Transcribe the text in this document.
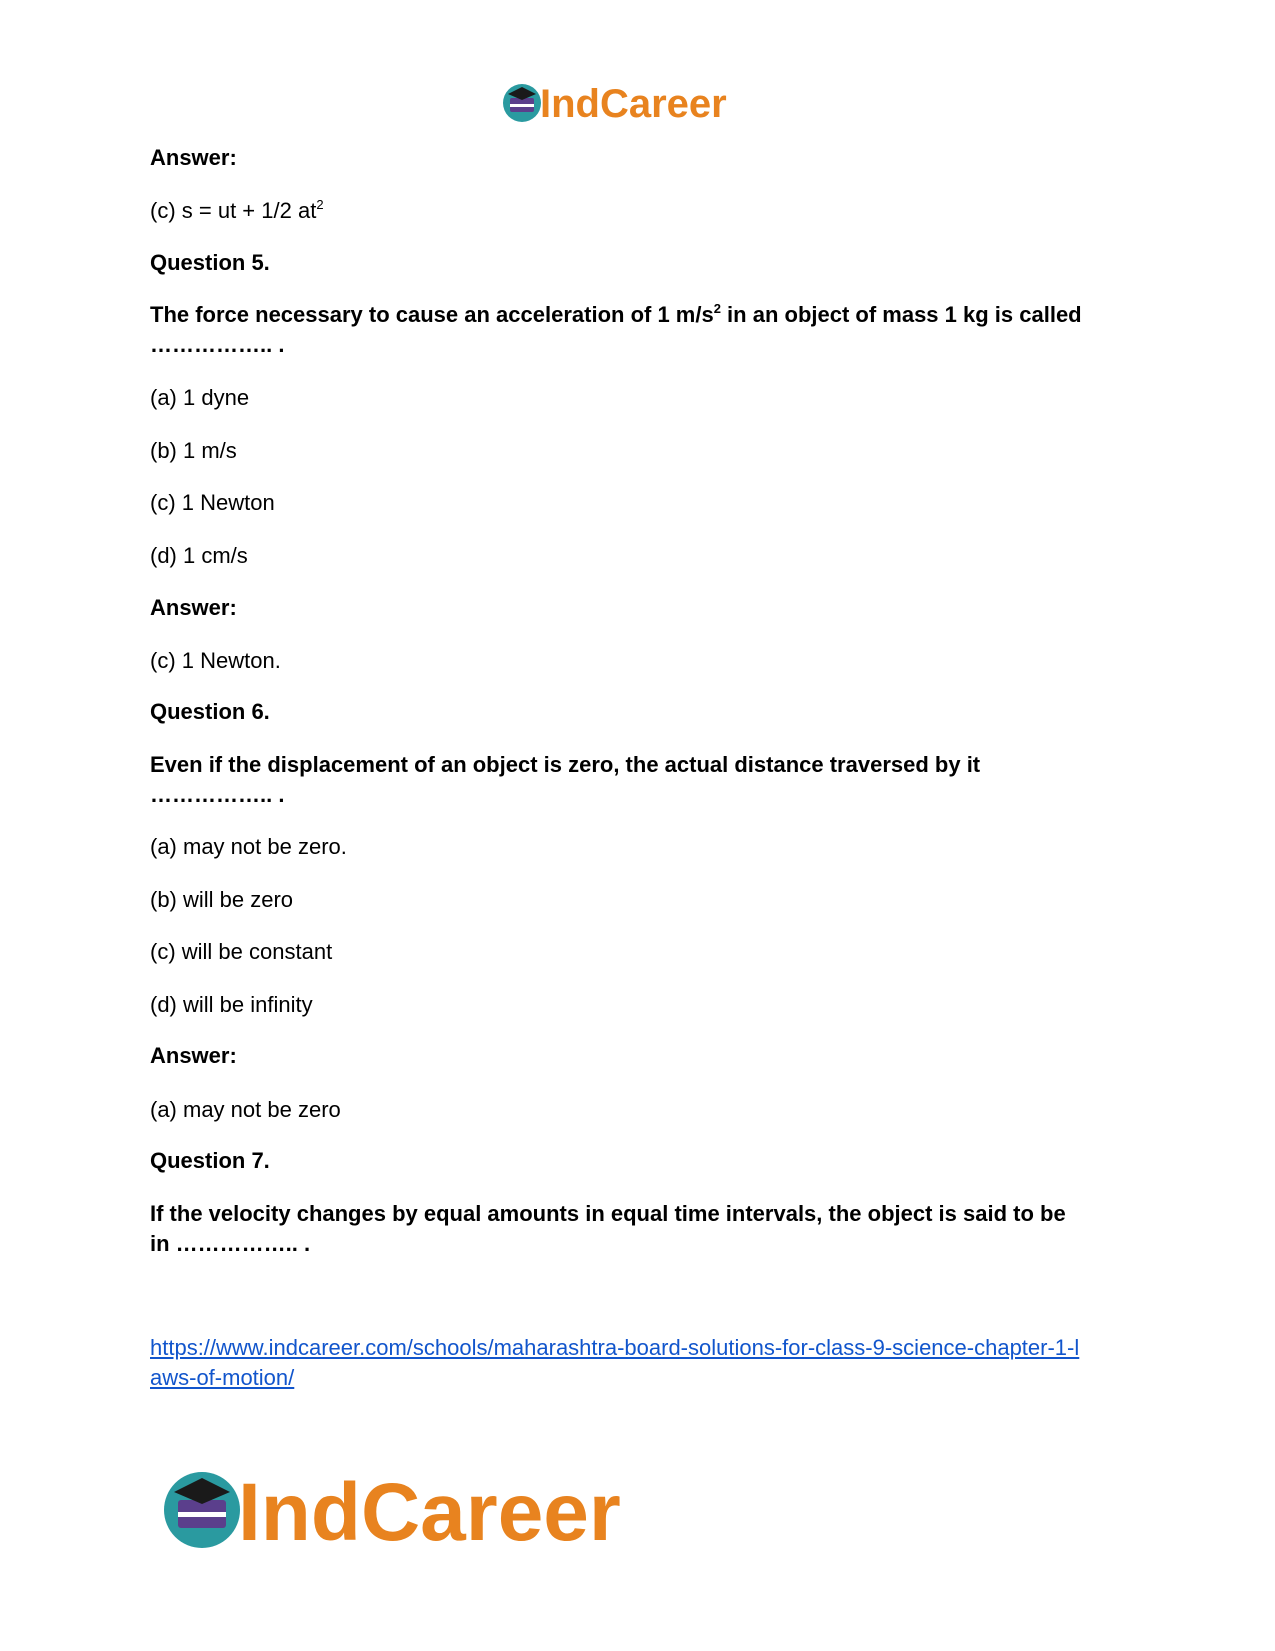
IndCareer

Answer:

(c) s = ut + 1/2 $at^2$

Question 5.

The force necessary to cause an acceleration of 1 $m/s^2$ in an object of mass 1 kg is called
…………….. .

(a) 1 dyne

(b) 1 m/s

(c) 1 Newton

(d) 1 cm/s

Answer:

(c) 1 Newton.

Question 6.

Even if the displacement of an object is zero, the actual distance traversed by it
…………….. .

(a) may not be zero.

(b) will be zero

(c) will be constant

(d) will be infinity

Answer:

(a) may not be zero

Question 7.

If the velocity changes by equal amounts in equal time intervals, the object is said to be
in …………….. .

https://www.indcareer.com/schools/maharashtra-board-solutions-for-class-9-science-chapter-1-l
aws-of-motion/
IndCareer
